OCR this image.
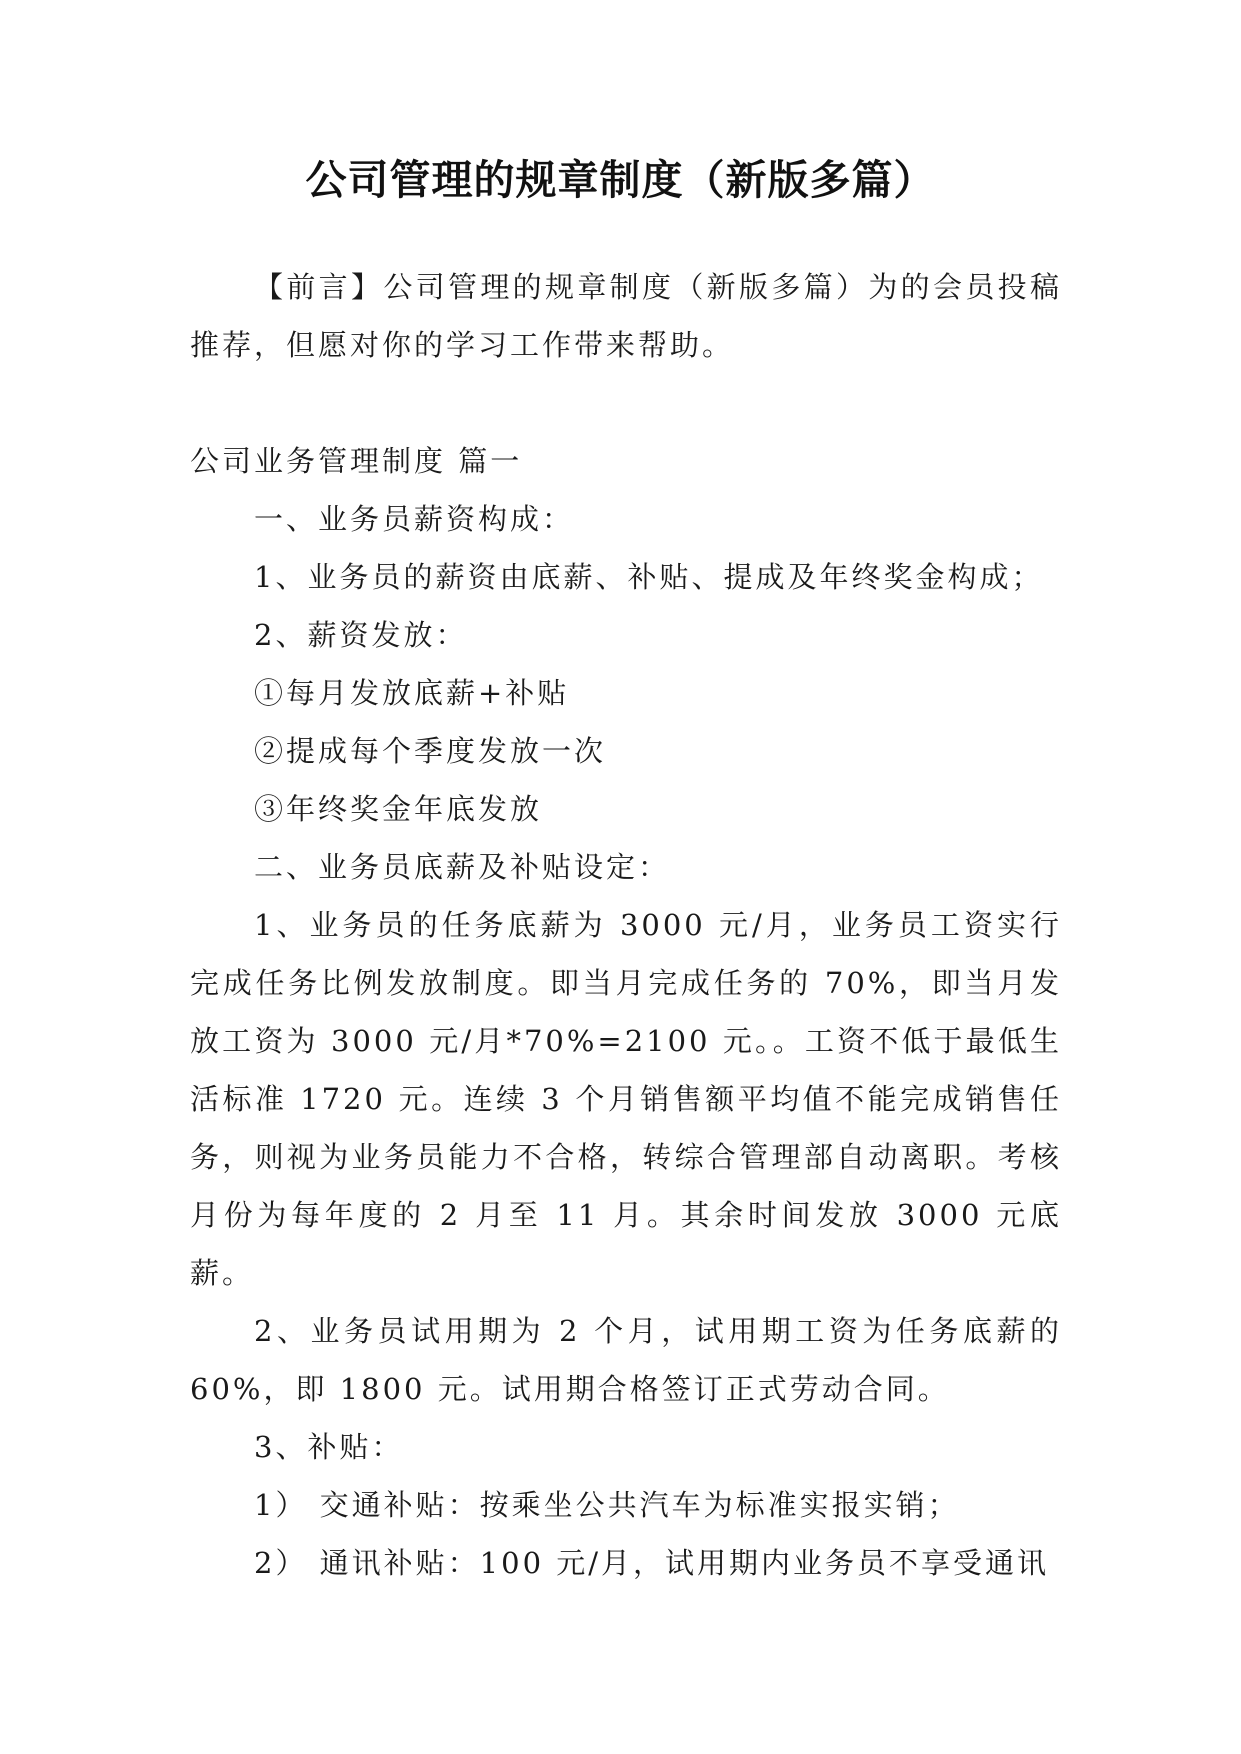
公司管理的规章制度（新版多篇）

【前言】公司管理的规章制度（新版多篇）为的会员投稿推荐，但愿对你的学习工作带来帮助。

公司业务管理制度 篇一

一、业务员薪资构成：

1、业务员的薪资由底薪、补贴、提成及年终奖金构成；

2、薪资发放：

①每月发放底薪+补贴

②提成每个季度发放一次

③年终奖金年底发放

二、业务员底薪及补贴设定：

1、业务员的任务底薪为 3000 元/月，业务员工资实行完成任务比例发放制度。即当月完成任务的 70%，即当月发放工资为 3000 元/月*70%=2100 元。。工资不低于最低生活标准 1720 元。连续 3 个月销售额平均值不能完成销售任务，则视为业务员能力不合格，转综合管理部自动离职。考核月份为每年度的 2 月至 11 月。其余时间发放 3000 元底薪。

2、业务员试用期为 2 个月，试用期工资为任务底薪的 60%，即 1800 元。试用期合格签订正式劳动合同。

3、补贴：

1） 交通补贴：按乘坐公共汽车为标准实报实销；

2） 通讯补贴：100 元/月，试用期内业务员不享受通讯
